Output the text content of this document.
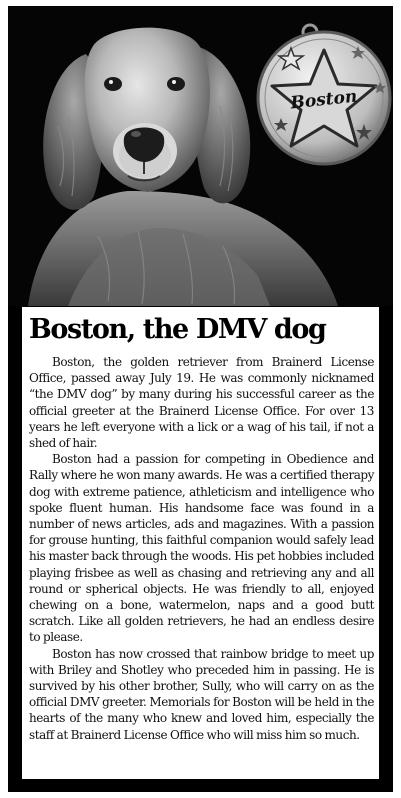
Boston
Boston, the DMV dog

Boston, the golden retriever from Brainerd License Office, passed away July 19. He was commonly nicknamed “the DMV dog” by many during his successful career as the official greeter at the Brainerd License Office. For over 13 years he left everyone with a lick or a wag of his tail, if not a shed of hair.

Boston had a passion for competing in Obedience and Rally where he won many awards. He was a certified therapy dog with extreme patience, athleticism and intelligence who spoke fluent human. His handsome face was found in a number of news articles, ads and magazines. With a passion for grouse hunting, this faithful companion would safely lead his master back through the woods. His pet hobbies included playing frisbee as well as chasing and retrieving any and all round or spherical objects. He was friendly to all, enjoyed chewing on a bone, watermelon, naps and a good butt scratch. Like all golden retrievers, he had an endless desire to please.

Boston has now crossed that rainbow bridge to meet up with Briley and Shotley who preceded him in passing. He is survived by his other brother, Sully, who will carry on as the official DMV greeter. Memorials for Boston will be held in the hearts of the many who knew and loved him, especially the staff at Brainerd License Office who will miss him so much.
